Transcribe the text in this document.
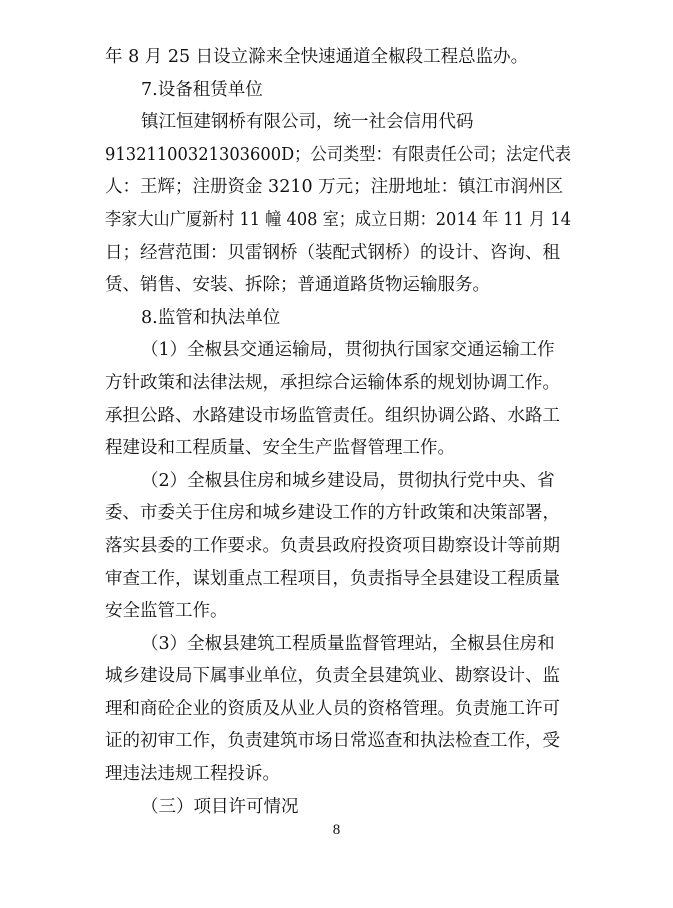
年 8 月 25 日设立滁来全快速通道全椒段工程总监办。
7.设备租赁单位
镇江恒建钢桥有限公司，统一社会信用代码
91321100321303600D；公司类型：有限责任公司；法定代表
人：王辉；注册资金 3210 万元；注册地址：镇江市润州区
李家大山广厦新村 11 幢 408 室；成立日期：2014 年 11 月 14
日；经营范围：贝雷钢桥（装配式钢桥）的设计、咨询、租
赁、销售、安装、拆除；普通道路货物运输服务。
8.监管和执法单位
（1）全椒县交通运输局，贯彻执行国家交通运输工作
方针政策和法律法规，承担综合运输体系的规划协调工作。
承担公路、水路建设市场监管责任。组织协调公路、水路工
程建设和工程质量、安全生产监督管理工作。
（2）全椒县住房和城乡建设局，贯彻执行党中央、省
委、市委关于住房和城乡建设工作的方针政策和决策部署，
落实县委的工作要求。负责县政府投资项目勘察设计等前期
审查工作，谋划重点工程项目，负责指导全县建设工程质量
安全监管工作。
（3）全椒县建筑工程质量监督管理站，全椒县住房和
城乡建设局下属事业单位，负责全县建筑业、勘察设计、监
理和商砼企业的资质及从业人员的资格管理。负责施工许可
证的初审工作，负责建筑市场日常巡查和执法检查工作，受
理违法违规工程投诉。
（三）项目许可情况
8
